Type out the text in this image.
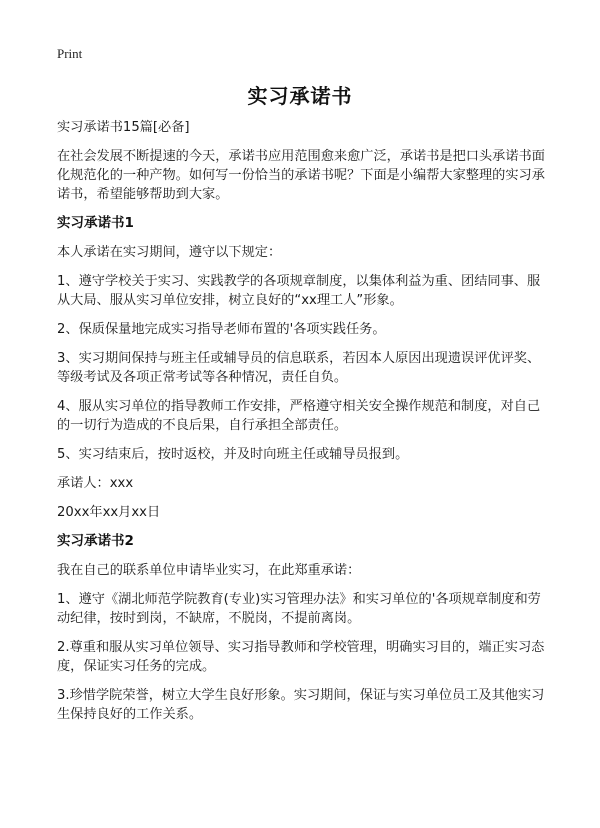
Print
实习承诺书

实习承诺书15篇[必备]

在社会发展不断提速的今天，承诺书应用范围愈来愈广泛，承诺书是把口头承诺书面化规范化的一种产物。如何写一份恰当的承诺书呢？下面是小编帮大家整理的实习承诺书，希望能够帮助到大家。

实习承诺书1

本人承诺在实习期间，遵守以下规定：

1、遵守学校关于实习、实践教学的各项规章制度，以集体利益为重、团结同事、服从大局、服从实习单位安排，树立良好的“xx理工人”形象。

2、保质保量地完成实习指导老师布置的'各项实践任务。

3、实习期间保持与班主任或辅导员的信息联系，若因本人原因出现遗误评优评奖、等级考试及各项正常考试等各种情况，责任自负。

4、服从实习单位的指导教师工作安排，严格遵守相关安全操作规范和制度，对自己的一切行为造成的不良后果，自行承担全部责任。

5、实习结束后，按时返校，并及时向班主任或辅导员报到。

承诺人：xxx

20xx年xx月xx日

实习承诺书2

我在自己的联系单位申请毕业实习，在此郑重承诺：

1、遵守《湖北师范学院教育(专业)实习管理办法》和实习单位的'各项规章制度和劳动纪律，按时到岗，不缺席，不脱岗，不提前离岗。

2.尊重和服从实习单位领导、实习指导教师和学校管理，明确实习目的，端正实习态度，保证实习任务的完成。

3.珍惜学院荣誉，树立大学生良好形象。实习期间，保证与实习单位员工及其他实习生保持良好的工作关系。
